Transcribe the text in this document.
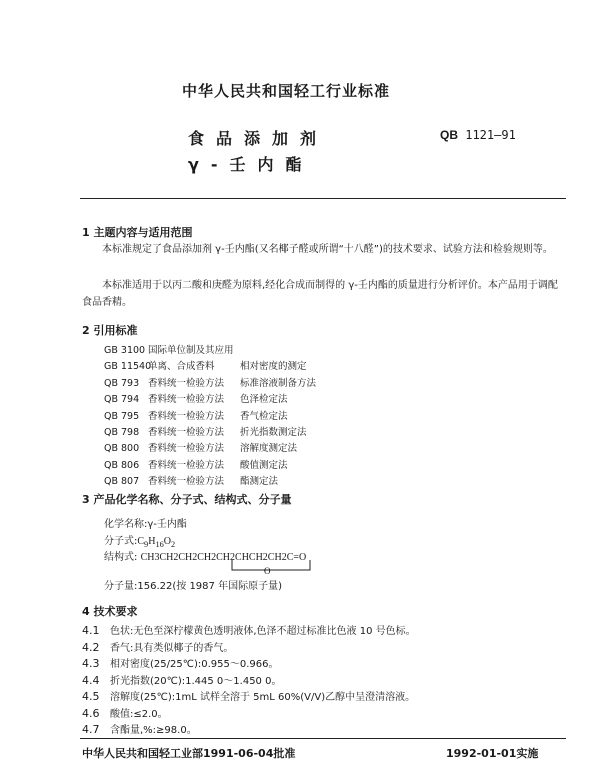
中华人民共和国轻工行业标准
食品添加剂
γ-壬内酯
QB 1121—91
1 主题内容与适用范围
本标准规定了食品添加剂 γ-壬内酯(又名椰子醛或所谓“十八醛”)的技术要求、试验方法和检验规则等。
本标准适用于以丙二酸和庚醛为原料,经化合成而制得的 γ-壬内酯的质量进行分析评价。本产品用于调配食品香精。
2 引用标准
GB 3100 国际单位制及其应用
GB 11540单离、合成香料	相对密度的测定
QB 793 香料统一检验方法 标准溶液制备方法
QB 794 香料统一检验方法 色泽检定法
QB 795 香料统一检验方法 香气检定法
QB 798 香料统一检验方法 折光指数测定法
QB 800 香料统一检验方法 溶解度测定法
QB 806 香料统一检验方法 酸值测定法
QB 807 香料统一检验方法 酯测定法
3 产品化学名称、分子式、结构式、分子量
化学名称:γ-壬内酯
分子式$:C_9H_{16}O_2$
结构式: CH3CH2CH2CH2CH2CHCH2CH2C=O
O
分子量:156.22(按 1987 年国际原子量)
4 技术要求
4.1 色状:无色至深柠檬黄色透明液体,色泽不超过标准比色液 10 号色标。
4.2 香气:具有类似椰子的香气。
4.3 相对密度(25/25℃):0.955～0.966。
4.4 折光指数(20℃):1.445 0～1.450 0。
4.5 溶解度(25℃):1mL 试样全溶于 5mL 60%(V/V)乙醇中呈澄清溶液。
4.6 酸值:≤2.0。
4.7 含酯量,%:≥98.0。
中华人民共和国轻工业部1991-06-04批准	1992-01-01实施
